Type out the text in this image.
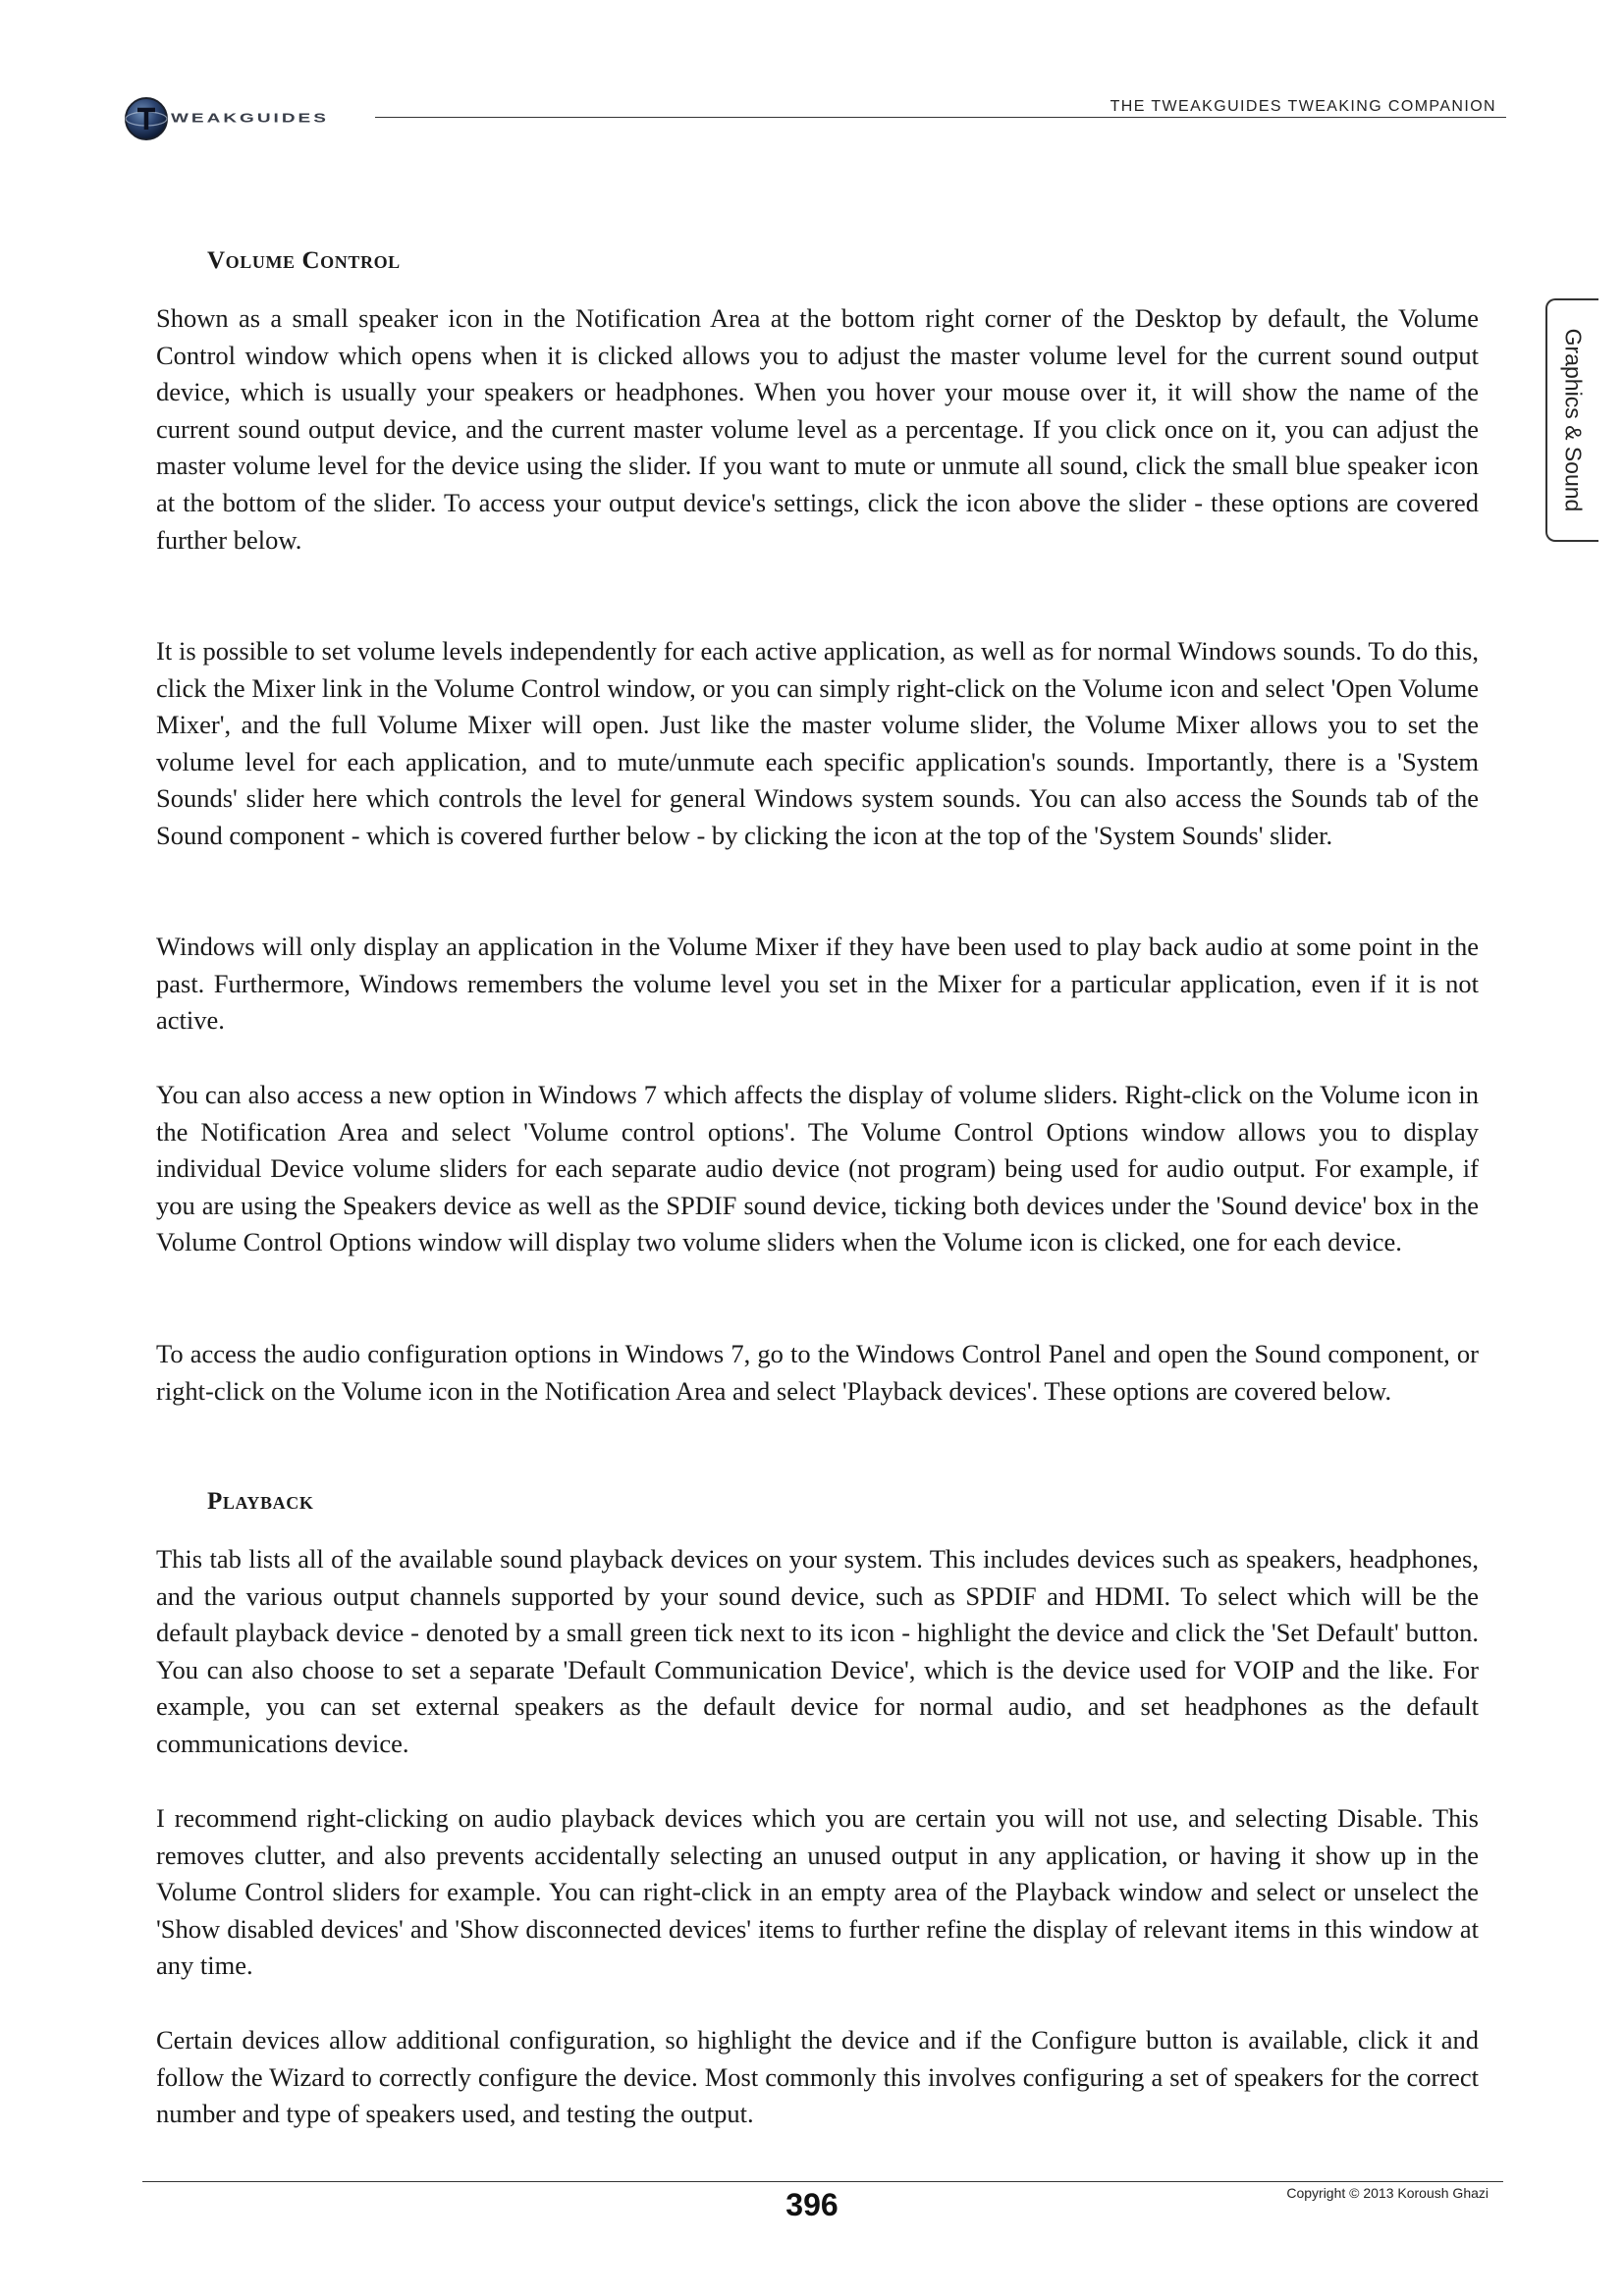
WEAKGUIDES
THE TWEAKGUIDES TWEAKING COMPANION
Graphics & Sound
Volume Control

Shown as a small speaker icon in the Notification Area at the bottom right corner of the Desktop by default, the Volume Control window which opens when it is clicked allows you to adjust the master volume level for the current sound output device, which is usually your speakers or headphones. When you hover your mouse over it, it will show the name of the current sound output device, and the current master volume level as a percentage. If you click once on it, you can adjust the master volume level for the device using the slider. If you want to mute or unmute all sound, click the small blue speaker icon at the bottom of the slider. To access your output device's settings, click the icon above the slider - these options are covered further below.

It is possible to set volume levels independently for each active application, as well as for normal Windows sounds. To do this, click the Mixer link in the Volume Control window, or you can simply right-click on the Volume icon and select 'Open Volume Mixer', and the full Volume Mixer will open. Just like the master volume slider, the Volume Mixer allows you to set the volume level for each application, and to mute/unmute each specific application's sounds. Importantly, there is a 'System Sounds' slider here which controls the level for general Windows system sounds. You can also access the Sounds tab of the Sound component - which is covered further below - by clicking the icon at the top of the 'System Sounds' slider.

Windows will only display an application in the Volume Mixer if they have been used to play back audio at some point in the past. Furthermore, Windows remembers the volume level you set in the Mixer for a particular application, even if it is not active.

You can also access a new option in Windows 7 which affects the display of volume sliders. Right-click on the Volume icon in the Notification Area and select 'Volume control options'. The Volume Control Options window allows you to display individual Device volume sliders for each separate audio device (not program) being used for audio output. For example, if you are using the Speakers device as well as the SPDIF sound device, ticking both devices under the 'Sound device' box in the Volume Control Options window will display two volume sliders when the Volume icon is clicked, one for each device.

To access the audio configuration options in Windows 7, go to the Windows Control Panel and open the Sound component, or right-click on the Volume icon in the Notification Area and select 'Playback devices'. These options are covered below.

Playback

This tab lists all of the available sound playback devices on your system. This includes devices such as speakers, headphones, and the various output channels supported by your sound device, such as SPDIF and HDMI. To select which will be the default playback device - denoted by a small green tick next to its icon - highlight the device and click the 'Set Default' button. You can also choose to set a separate 'Default Communication Device', which is the device used for VOIP and the like. For example, you can set external speakers as the default device for normal audio, and set headphones as the default communications device.

I recommend right-clicking on audio playback devices which you are certain you will not use, and selecting Disable. This removes clutter, and also prevents accidentally selecting an unused output in any application, or having it show up in the Volume Control sliders for example. You can right-click in an empty area of the Playback window and select or unselect the 'Show disabled devices' and 'Show disconnected devices' items to further refine the display of relevant items in this window at any time.

Certain devices allow additional configuration, so highlight the device and if the Configure button is available, click it and follow the Wizard to correctly configure the device. Most commonly this involves configuring a set of speakers for the correct number and type of speakers used, and testing the output.

396	Copyright © 2013 Koroush Ghazi
